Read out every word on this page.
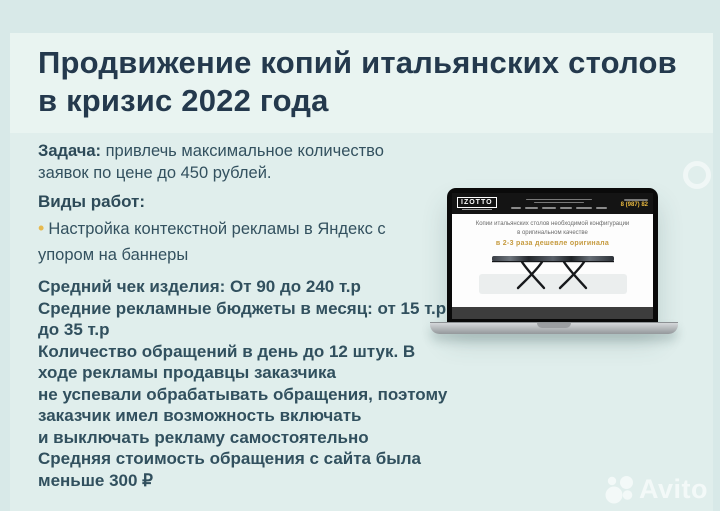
Продвижение копий итальянских столов
в кризис 2022 года
Задача: привлечь максимальное количество
заявок по цене до 450 рублей.
Виды работ:
• Настройка контекстной рекламы в Яндекс с
упором на баннеры
Средний чек изделия: От 90 до 240 т.р
Средние рекламные бюджеты в месяц: от 15 т.р
до 35 т.р
Количество обращений в день до 12 штук. В
ходе рекламы продавцы заказчика
не успевали обрабатывать обращения, поэтому
заказчик имел возможность включать
и выключать рекламу самостоятельно
Средняя стоимость обращения с сайта была
меньше 300 ₽
IZOTTO	8 (987) 82
Копии итальянских столов необходимой конфигурации
в оригинальном качестве
в 2-3 раза дешевле оригинала
Avito
